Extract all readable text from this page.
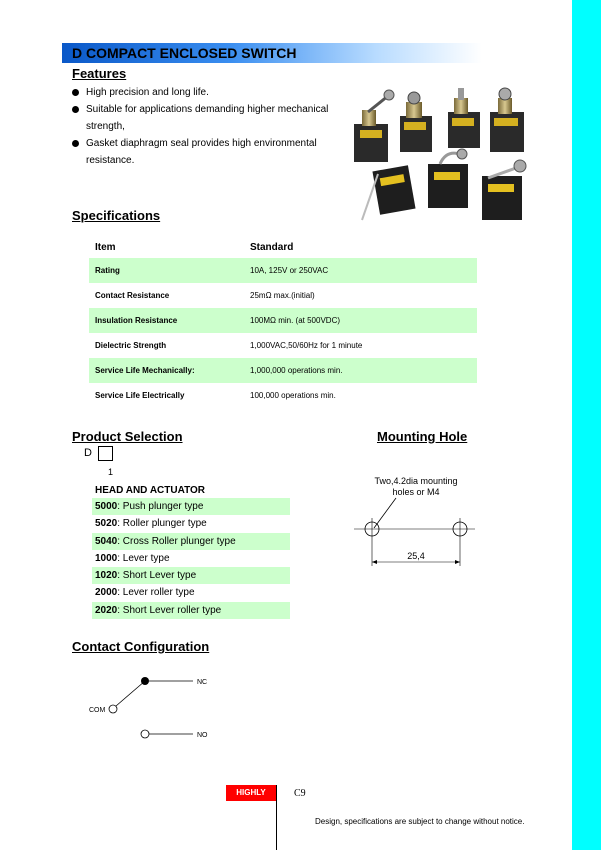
D COMPACT ENCLOSED SWITCH
Features
High precision and long life.
Suitable for applications demanding higher mechanical strength,
Gasket diaphragm seal provides high environmental resistance.
Specifications
Item	Standard
Rating	10A, 125V or 250VAC
Contact Resistance	25mΩ max.(initial)
Insulation Resistance	100MΩ min. (at 500VDC)
Dielectric Strength	1,000VAC,50/60Hz for 1 minute
Service Life Mechanically:	1,000,000 operations min.
Service Life Electrically	100,000 operations min.
Product Selection
D
1
HEAD AND ACTUATOR
5000: Push plunger type
5020: Roller plunger type
5040: Cross Roller plunger type
1000: Lever type
1020: Short Lever type
2000: Lever roller type
2020: Short Lever roller type
Mounting Hole
Two,4.2dia mounting
holes or M4
25,4
Contact Configuration
NC
COM
NO
HIGHLY	C9
Design, specifications are subject to change without notice.
